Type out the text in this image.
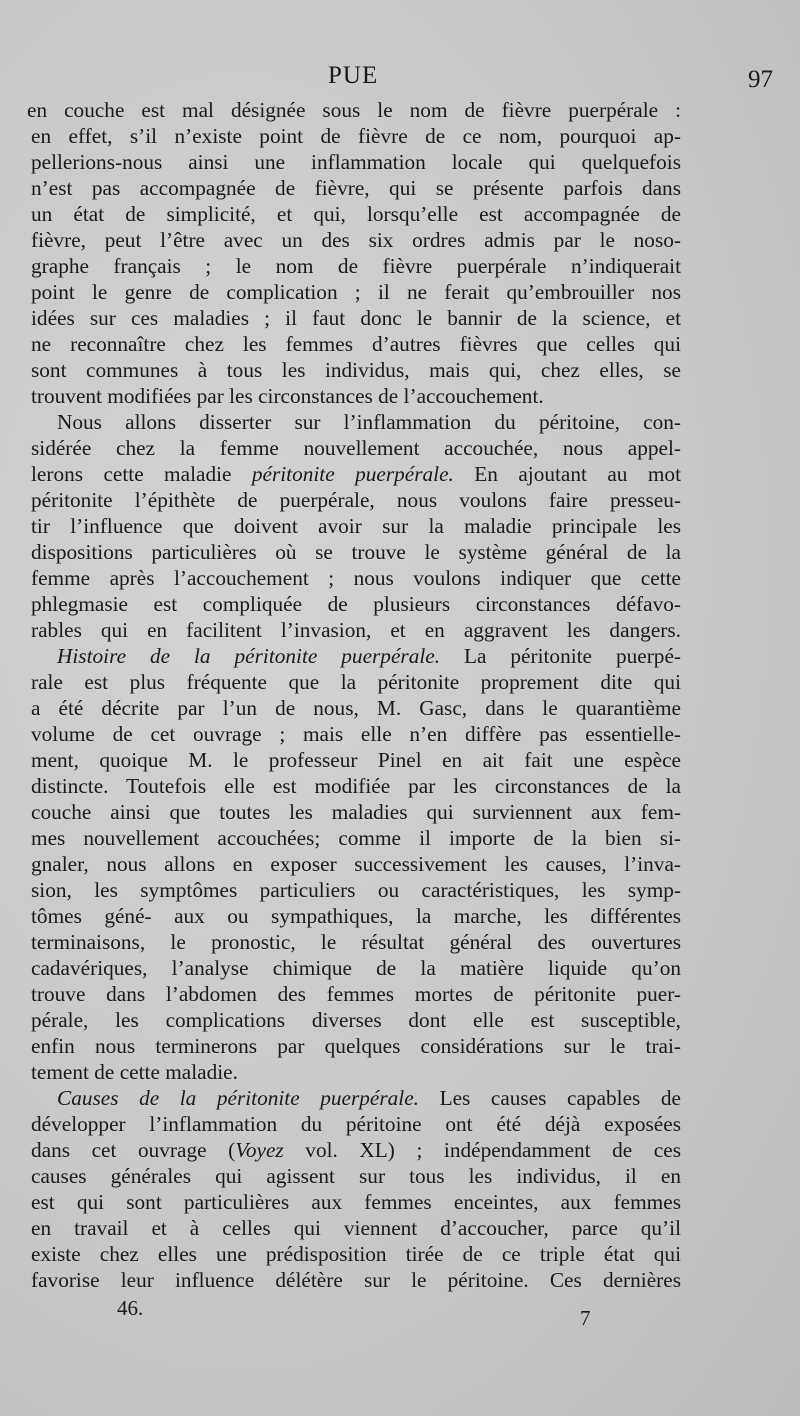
PUE	97
en couche est mal désignée sous le nom de fièvre puerpérale :
en effet, s’il n’existe point de fièvre de ce nom, pourquoi ap-
pellerions-nous ainsi une inflammation locale qui quelquefois
n’est pas accompagnée de fièvre, qui se présente parfois dans
un état de simplicité, et qui, lorsqu’elle est accompagnée de
fièvre, peut l’être avec un des six ordres admis par le noso-
graphe français ; le nom de fièvre puerpérale n’indiquerait
point le genre de complication ; il ne ferait qu’embrouiller nos
idées sur ces maladies ; il faut donc le bannir de la science, et
ne reconnaître chez les femmes d’autres fièvres que celles qui
sont communes à tous les individus, mais qui, chez elles, se
trouvent modifiées par les circonstances de l’accouchement.
Nous allons disserter sur l’inflammation du péritoine, con-
sidérée chez la femme nouvellement accouchée, nous appel-
lerons cette maladie péritonite puerpérale. En ajoutant au mot
péritonite l’épithète de puerpérale, nous voulons faire presseu-
tir l’influence que doivent avoir sur la maladie principale les
dispositions particulières où se trouve le système général de la
femme après l’accouchement ; nous voulons indiquer que cette
phlegmasie est compliquée de plusieurs circonstances défavo-
rables qui en facilitent l’invasion, et en aggravent les dangers.
Histoire de la péritonite puerpérale. La péritonite puerpé-
rale est plus fréquente que la péritonite proprement dite qui
a été décrite par l’un de nous, M. Gasc, dans le quarantième
volume de cet ouvrage ; mais elle n’en diffère pas essentielle-
ment, quoique M. le professeur Pinel en ait fait une espèce
distincte. Toutefois elle est modifiée par les circonstances de la
couche ainsi que toutes les maladies qui surviennent aux fem-
mes nouvellement accouchées; comme il importe de la bien si-
gnaler, nous allons en exposer successivement les causes, l’inva-
sion, les symptômes particuliers ou caractéristiques, les symp-
tômes géné- aux ou sympathiques, la marche, les différentes
terminaisons, le pronostic, le résultat général des ouvertures
cadavériques, l’analyse chimique de la matière liquide qu’on
trouve dans l’abdomen des femmes mortes de péritonite puer-
pérale, les complications diverses dont elle est susceptible,
enfin nous terminerons par quelques considérations sur le trai-
tement de cette maladie.
Causes de la péritonite puerpérale. Les causes capables de
développer l’inflammation du péritoine ont été déjà exposées
dans cet ouvrage (Voyez vol. XL) ; indépendamment de ces
causes générales qui agissent sur tous les individus, il en
est qui sont particulières aux femmes enceintes, aux femmes
en travail et à celles qui viennent d’accoucher, parce qu’il
existe chez elles une prédisposition tirée de ce triple état qui
favorise leur influence délétère sur le péritoine. Ces dernières
46.	7
